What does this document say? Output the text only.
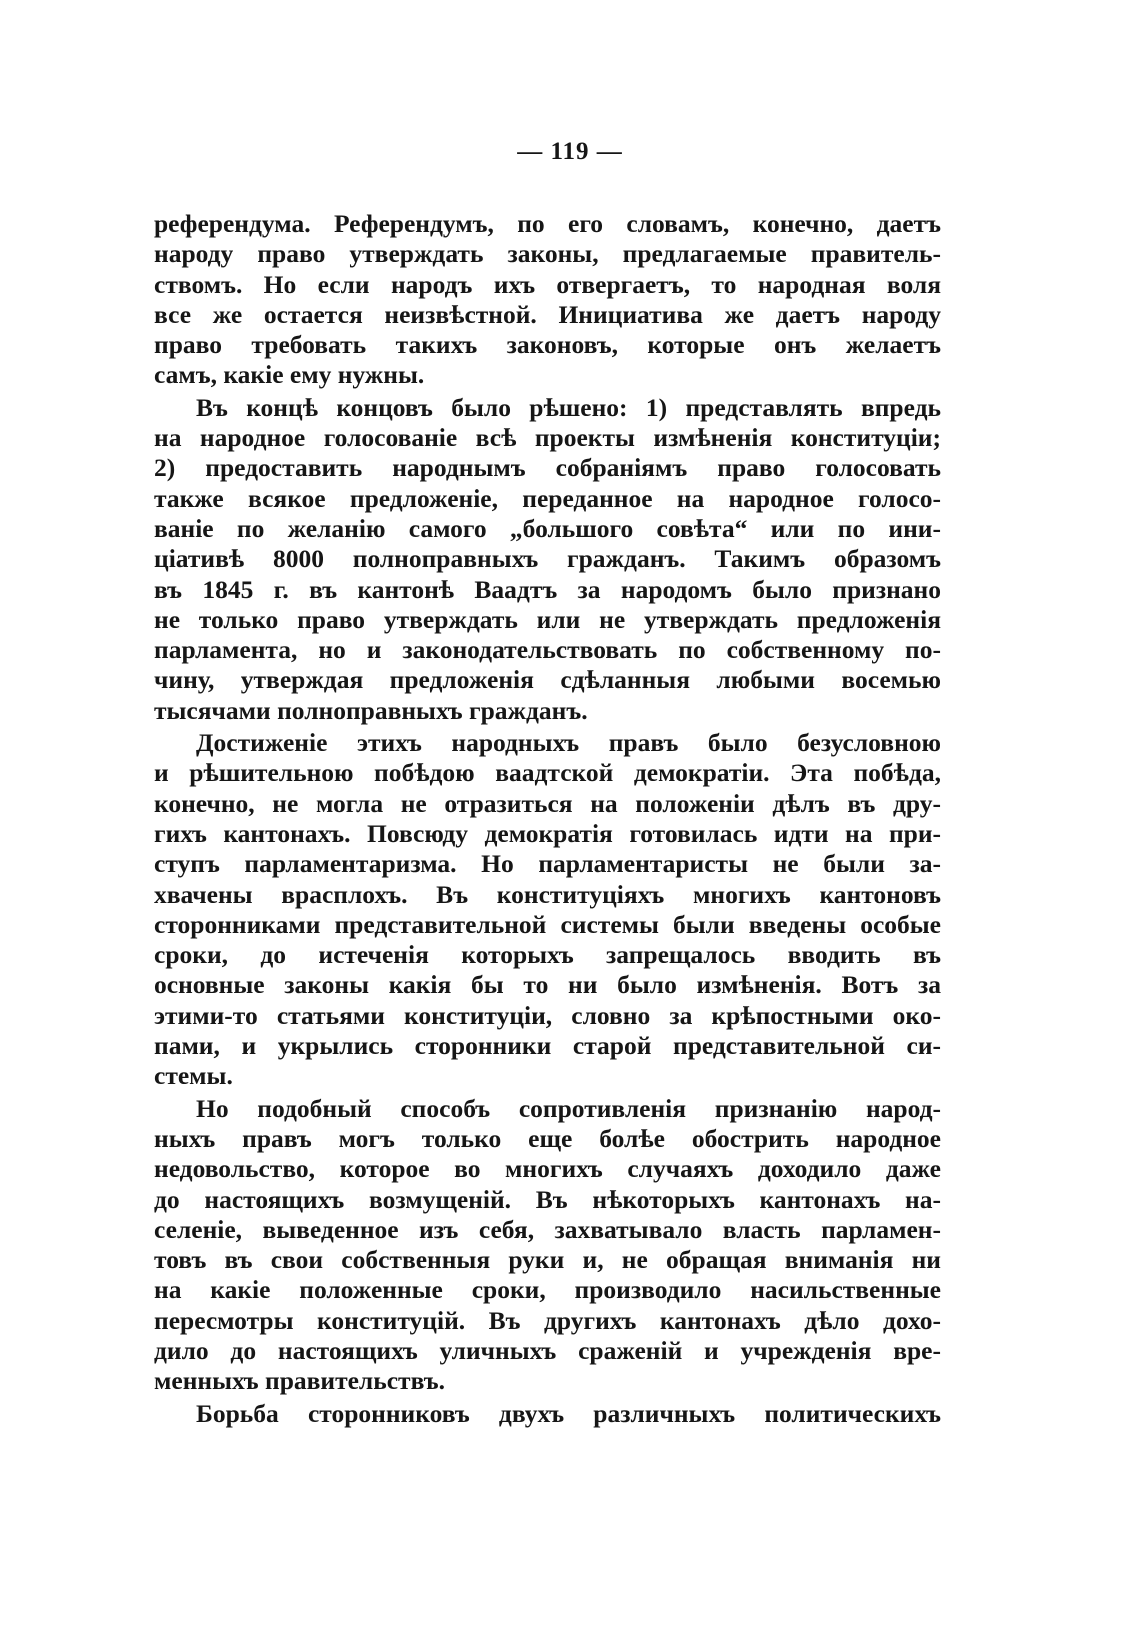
— 119 —
референдума. Референдумъ, по его словамъ, конечно, даетъ
народу право утверждать законы, предлагаемые правитель-
ствомъ. Но если народъ ихъ отвергаетъ, то народная воля
все же остается неизвѣстной. Инициатива же даетъ народу
право требовать такихъ законовъ, которые онъ желаетъ
самъ, какіе ему нужны.
Въ концѣ концовъ было рѣшено: 1) представлять впредь
на народное голосованіе всѣ проекты измѣненія конституціи;
2) предоставить народнымъ собраніямъ право голосовать
также всякое предложеніе, переданное на народное голосо-
ваніе по желанію самого „большого совѣта“ или по ини-
ціативѣ 8000 полноправныхъ гражданъ. Такимъ образомъ
въ 1845 г. въ кантонѣ Ваадтъ за народомъ было признано
не только право утверждать или не утверждать предложенія
парламента, но и законодательствовать по собственному по-
чину, утверждая предложенія сдѣланныя любыми восемью
тысячами полноправныхъ гражданъ.
Достиженіе этихъ народныхъ правъ было безусловною
и рѣшительною побѣдою ваадтской демократіи. Эта побѣда,
конечно, не могла не отразиться на положеніи дѣлъ въ дру-
гихъ кантонахъ. Повсюду демократія готовилась идти на при-
ступъ парламентаризма. Но парламентаристы не были за-
хвачены врасплохъ. Въ конституціяхъ многихъ кантоновъ
сторонниками представительной системы были введены особые
сроки, до истеченія которыхъ запрещалось вводить въ
основные законы какія бы то ни было измѣненія. Вотъ за
этими-то статьями конституціи, словно за крѣпостными око-
пами, и укрылись сторонники старой представительной си-
стемы.
Но подобный способъ сопротивленія признанію народ-
ныхъ правъ могъ только еще болѣе обострить народное
недовольство, которое во многихъ случаяхъ доходило даже
до настоящихъ возмущеній. Въ нѣкоторыхъ кантонахъ на-
селеніе, выведенное изъ себя, захватывало власть парламен-
товъ въ свои собственныя руки и, не обращая вниманія ни
на какіе положенные сроки, производило насильственные
пересмотры конституцій. Въ другихъ кантонахъ дѣло дохо-
дило до настоящихъ уличныхъ сраженій и учрежденія вре-
менныхъ правительствъ.
Борьба сторонниковъ двухъ различныхъ политическихъ
